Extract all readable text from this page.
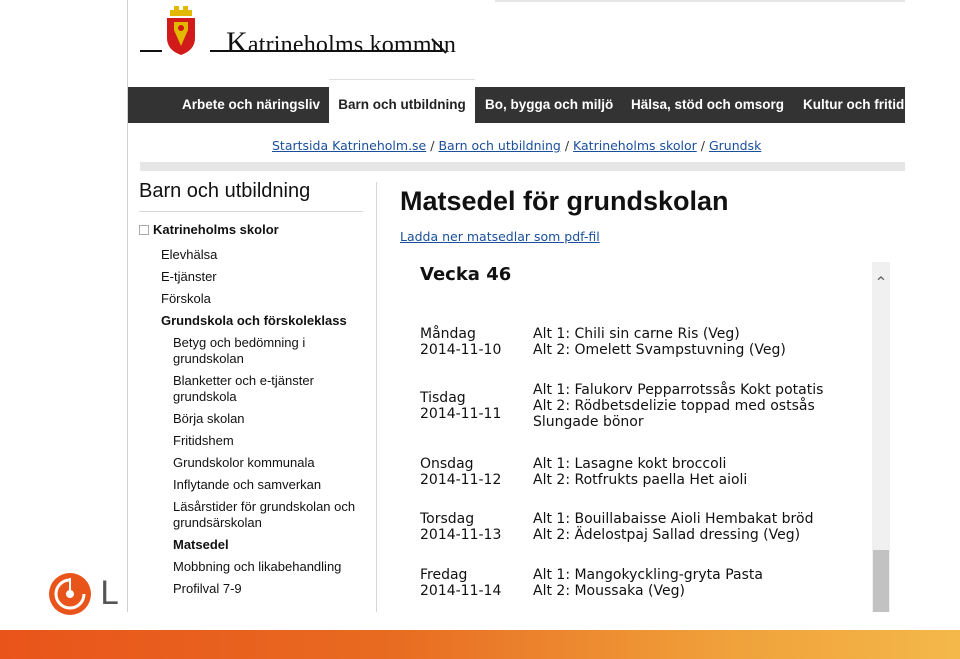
Katrineholms kommun
Arbete och näringsliv	Barn och utbildning	Bo, bygga och miljö Hälsa, stöd och omsorg Kultur och fritid
Startsida Katrineholm.se / Barn och utbildning / Katrineholms skolor / Grundsk
Barn och utbildning
Katrineholms skolor
Elevhälsa
E-tjänster
Förskola
Grundskola och förskoleklass
Betyg och bedömning i grundskolan
Blanketter och e-tjänster grundskola
Börja skolan
Fritidshem
Grundskolor kommunala
Inflytande och samverkan
Läsårstider för grundskolan och grundsärskolan
Matsedel
Mobbning och likabehandling
Profilval 7-9
Matsedel för grundskolan
Ladda ner matsedlar som pdf-fil
Vecka 46
Måndag
2014-11-10
Alt 1: Chili sin carne Ris (Veg)
Alt 2: Omelett Svampstuvning (Veg)
Tisdag
2014-11-11
Alt 1: Falukorv Pepparrotssås Kokt potatis
Alt 2: Rödbetsdelizie toppad med ostsås
Slungade bönor
Onsdag
2014-11-12
Alt 1: Lasagne kokt broccoli
Alt 2: Rotfrukts paella Het aioli
Torsdag
2014-11-13
Alt 1: Bouillabaisse Aioli Hembakat bröd
Alt 2: Ädelostpaj Sallad dressing (Veg)
Fredag
2014-11-14
Alt 1: Mangokyckling-gryta Pasta
Alt 2: Moussaka (Veg)
⌃
L
